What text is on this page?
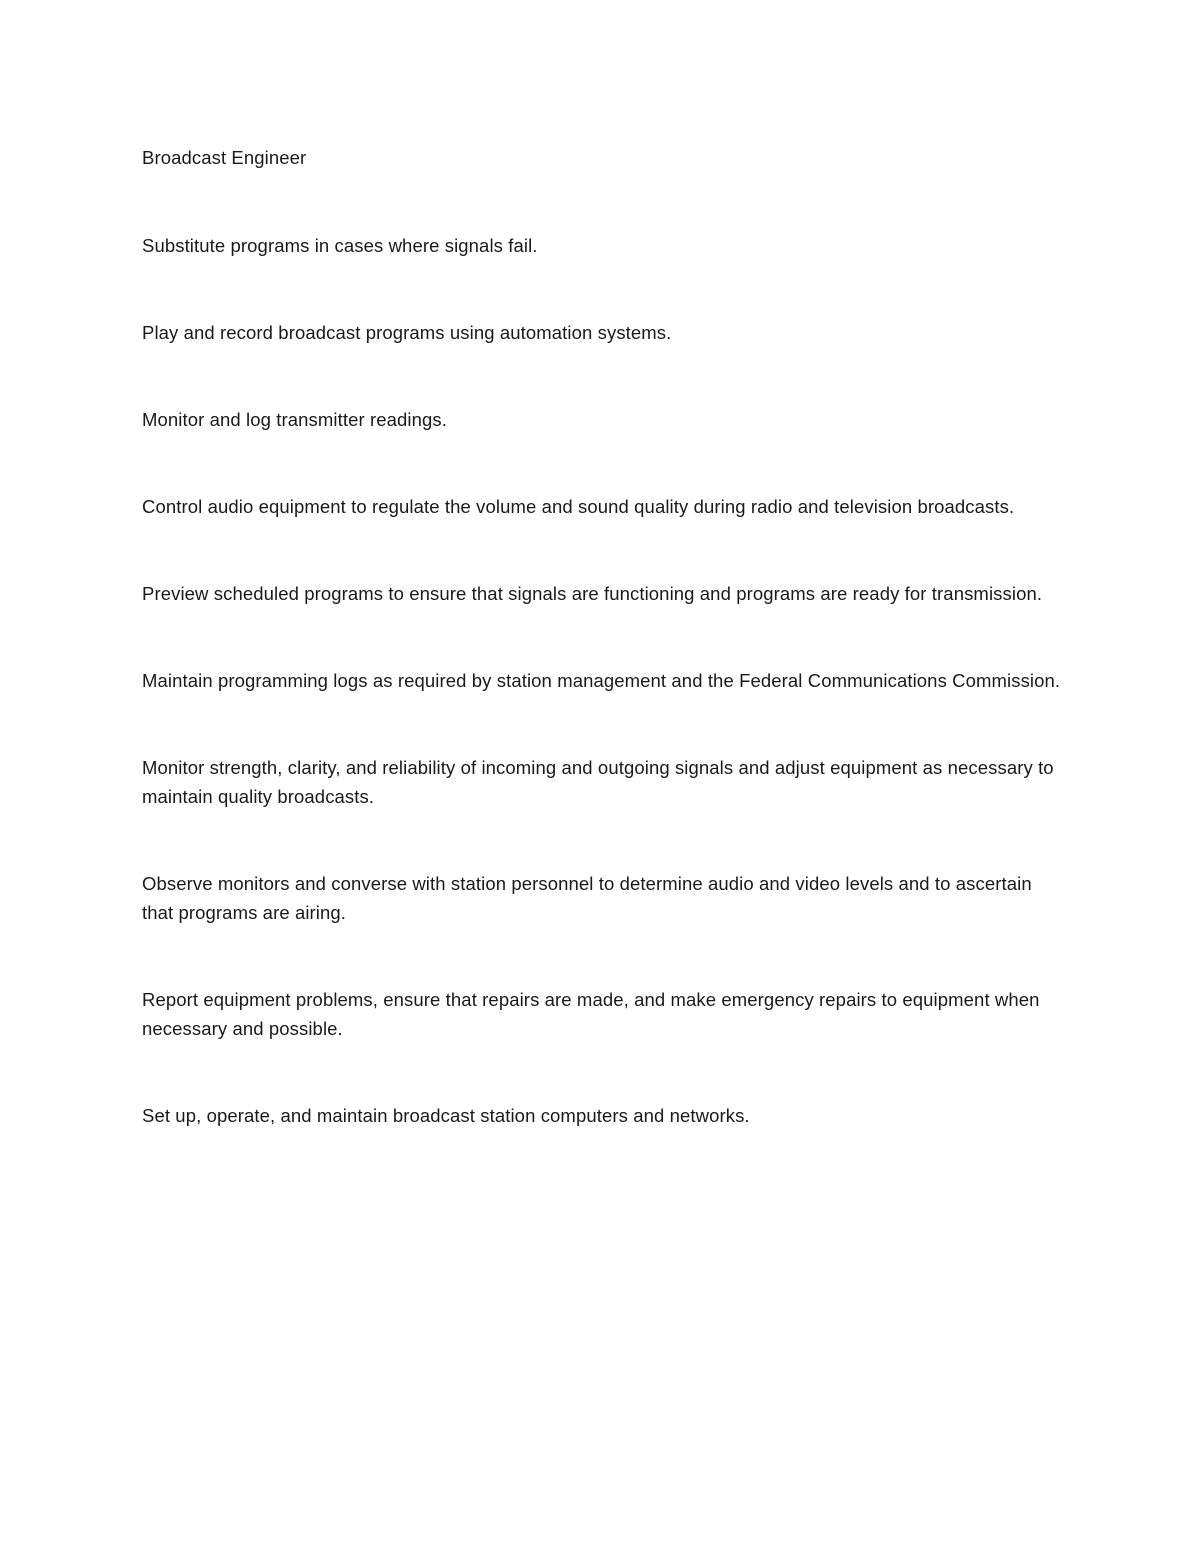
Broadcast Engineer

Substitute programs in cases where signals fail.

Play and record broadcast programs using automation systems.

Monitor and log transmitter readings.

Control audio equipment to regulate the volume and sound quality during radio and television broadcasts.

Preview scheduled programs to ensure that signals are functioning and programs are ready for transmission.

Maintain programming logs as required by station management and the Federal Communications Commission.

Monitor strength, clarity, and reliability of incoming and outgoing signals and adjust equipment as necessary to maintain quality broadcasts.

Observe monitors and converse with station personnel to determine audio and video levels and to ascertain that programs are airing.

Report equipment problems, ensure that repairs are made, and make emergency repairs to equipment when necessary and possible.

Set up, operate, and maintain broadcast station computers and networks.
